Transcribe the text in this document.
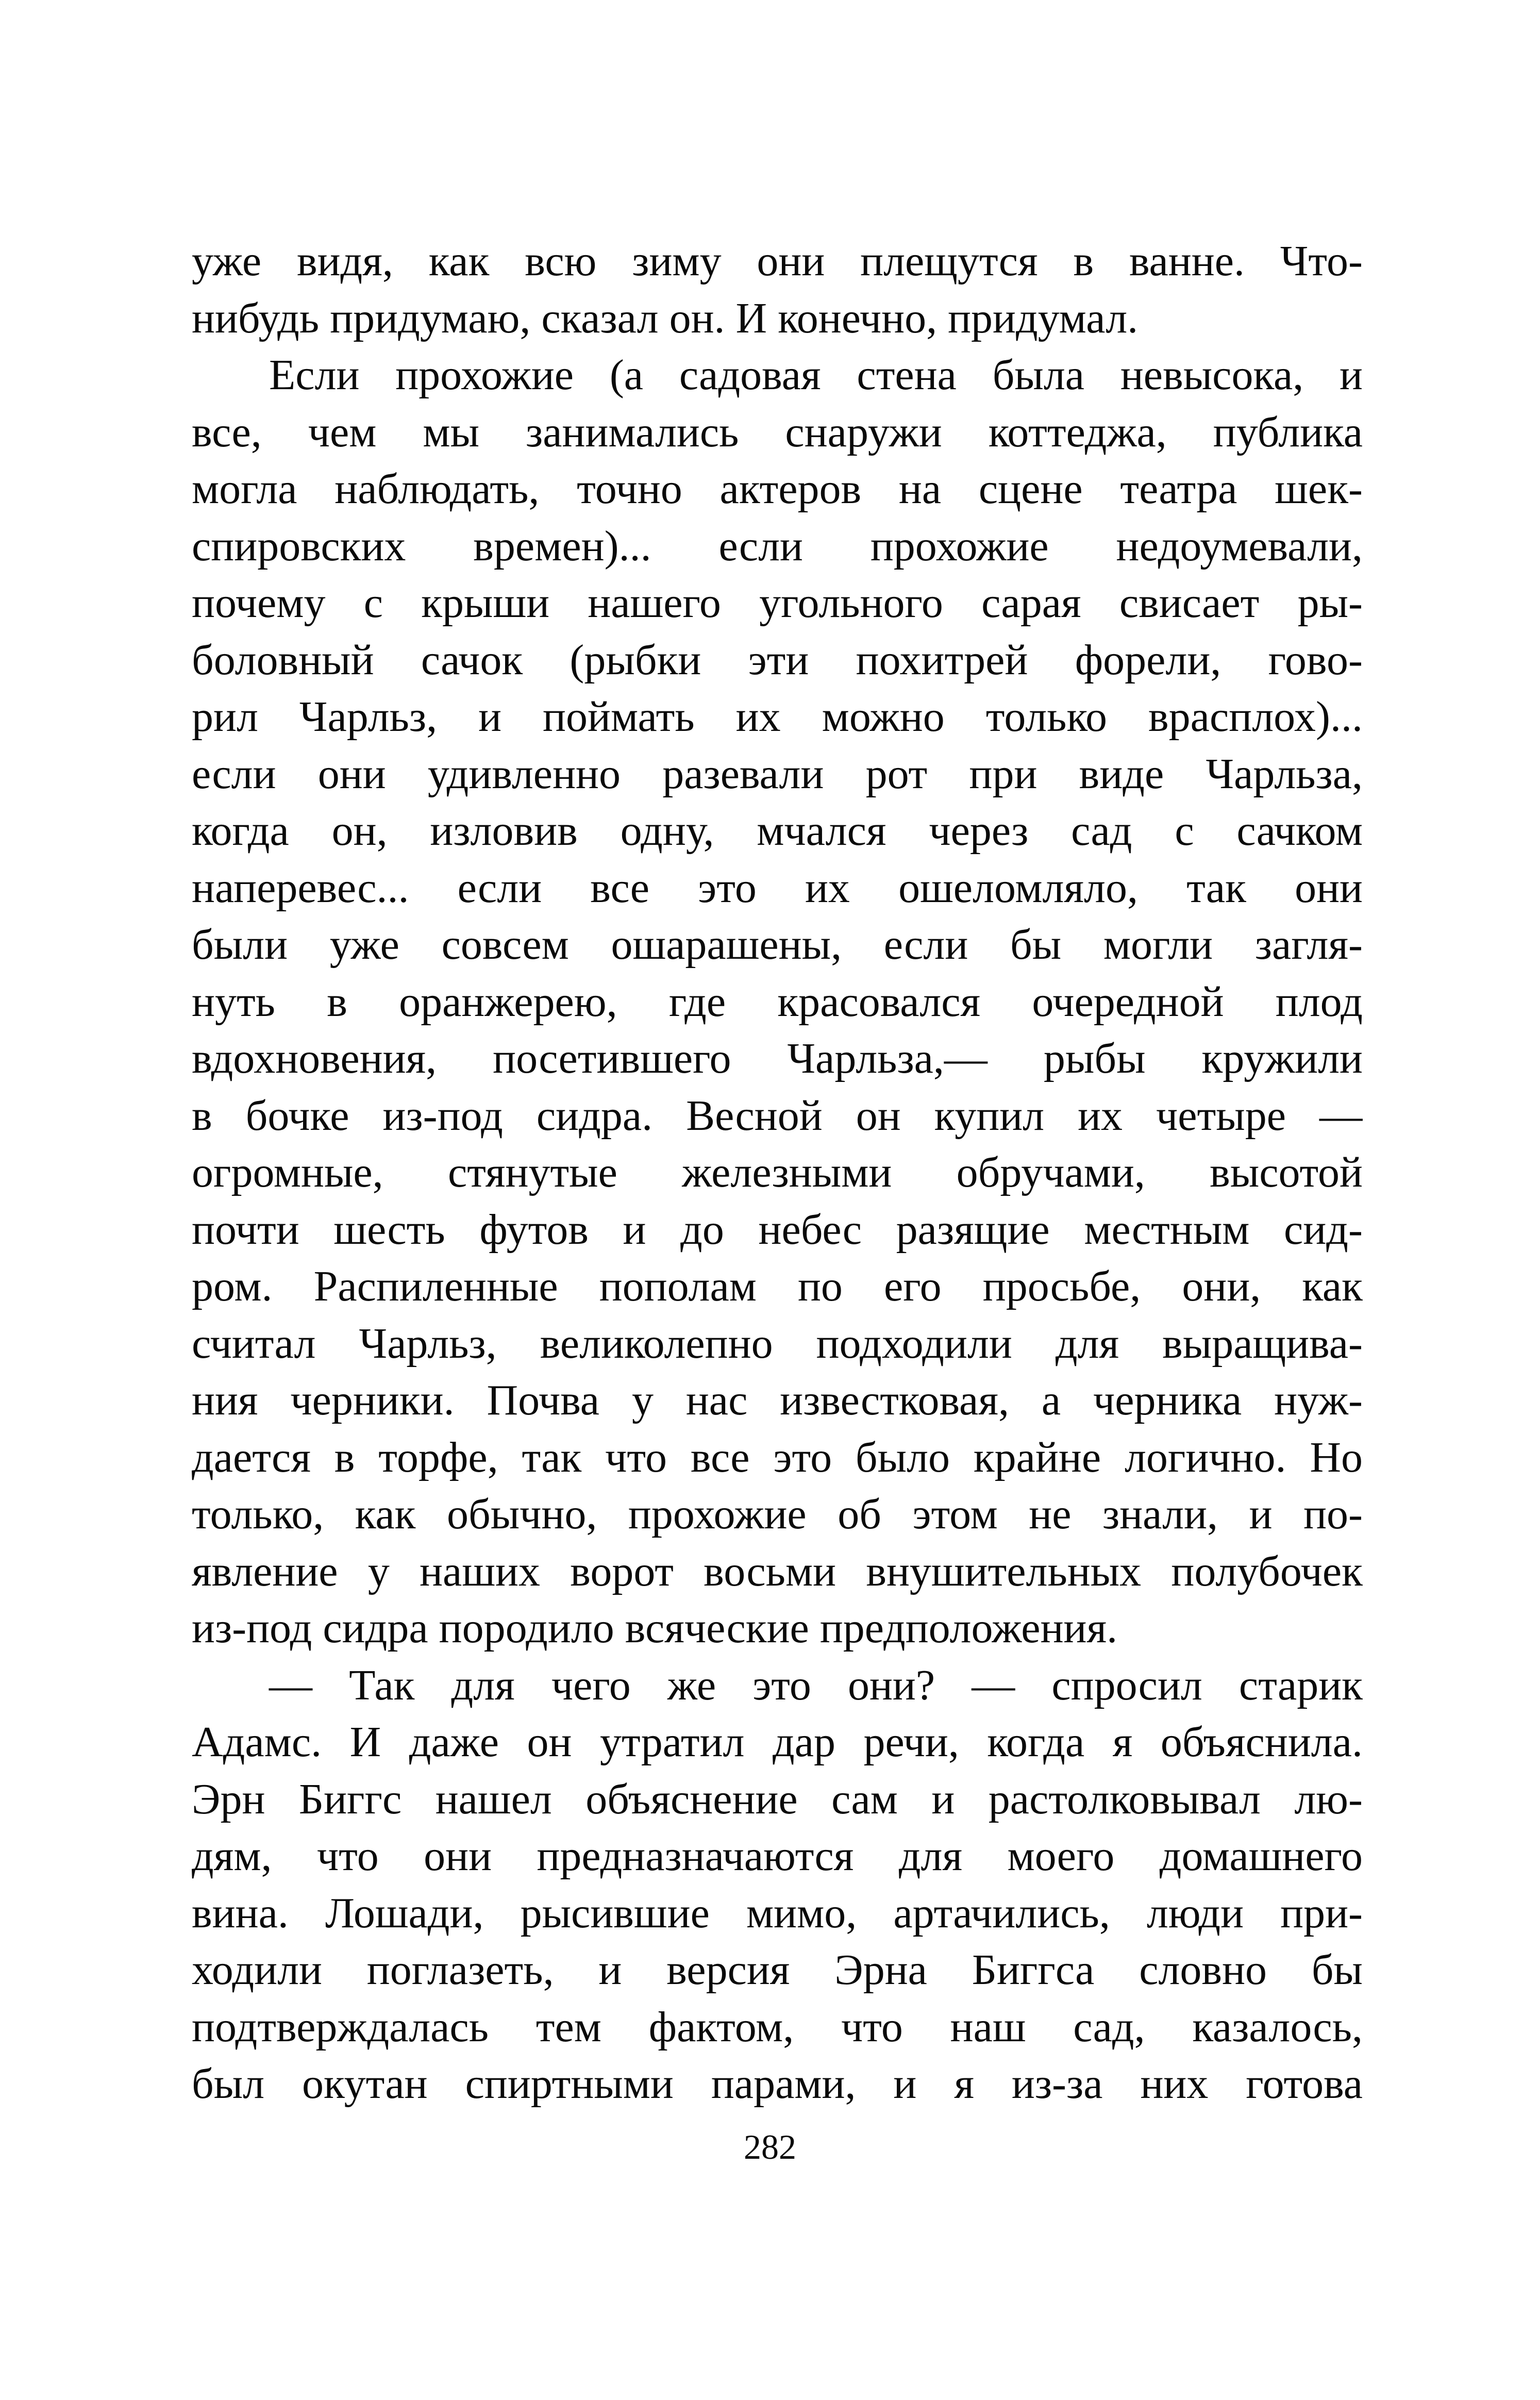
уже видя, как всю зиму они плещутся в ванне. Что-
нибудь придумаю, сказал он. И конечно, придумал.
Если прохожие (а садовая стена была невысока, и
все, чем мы занимались снаружи коттеджа, публика
могла наблюдать, точно актеров на сцене театра шек-
спировских времен)... если прохожие недоумевали,
почему с крыши нашего угольного сарая свисает ры-
боловный сачок (рыбки эти похитрей форели, гово-
рил Чарльз, и поймать их можно только врасплох)...
если они удивленно разевали рот при виде Чарльза,
когда он, изловив одну, мчался через сад с сачком
наперевес... если все это их ошеломляло, так они
были уже совсем ошарашены, если бы могли загля-
нуть в оранжерею, где красовался очередной плод
вдохновения, посетившего Чарльза,— рыбы кружили
в бочке из-под сидра. Весной он купил их четыре —
огромные, стянутые железными обручами, высотой
почти шесть футов и до небес разящие местным сид-
ром. Распиленные пополам по его просьбе, они, как
считал Чарльз, великолепно подходили для выращива-
ния черники. Почва у нас известковая, а черника нуж-
дается в торфе, так что все это было крайне логично. Но
только, как обычно, прохожие об этом не знали, и по-
явление у наших ворот восьми внушительных полубочек
из-под сидра породило всяческие предположения.
— Так для чего же это они? — спросил старик
Адамс. И даже он утратил дар речи, когда я объяснила.
Эрн Биггс нашел объяснение сам и растолковывал лю-
дям, что они предназначаются для моего домашнего
вина. Лошади, рысившие мимо, артачились, люди при-
ходили поглазеть, и версия Эрна Биггса словно бы
подтверждалась тем фактом, что наш сад, казалось,
был окутан спиртными парами, и я из-за них готова
282
